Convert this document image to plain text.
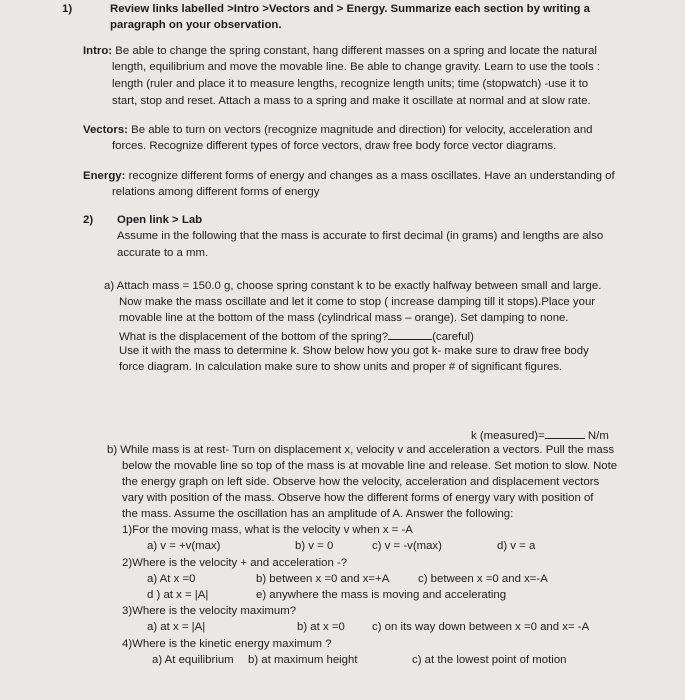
1)	Review links labelled >Intro >Vectors and > Energy. Summarize each section by writing a
paragraph on your observation.
Intro: Be able to change the spring constant, hang different masses on a spring and locate the natural
length, equilibrium and move the movable line. Be able to change gravity. Learn to use the tools :
length (ruler and place it to measure lengths, recognize length units; time (stopwatch) -use it to
start, stop and reset. Attach a mass to a spring and make it oscillate at normal and at slow rate.
Vectors: Be able to turn on vectors (recognize magnitude and direction) for velocity, acceleration and
forces. Recognize different types of force vectors, draw free body force vector diagrams.
Energy: recognize different forms of energy and changes as a mass oscillates. Have an understanding of
relations among different forms of energy
2) Open link > Lab
Assume in the following that the mass is accurate to first decimal (in grams) and lengths are also
accurate to a mm.
a) Attach mass = 150.0 g, choose spring constant k to be exactly halfway between small and large.
Now make the mass oscillate and let it come to stop ( increase damping till it stops).Place your
movable line at the bottom of the mass (cylindrical mass – orange). Set damping to none.
What is the displacement of the bottom of the spring?	(careful)
Use it with the mass to determine k. Show below how you got k- make sure to draw free body
force diagram. In calculation make sure to show units and proper # of significant figures.
k (measured)=	N/m
b) While mass is at rest- Turn on displacement x, velocity v and acceleration a vectors. Pull the mass
below the movable line so top of the mass is at movable line and release. Set motion to slow. Note
the energy graph on left side. Observe how the velocity, acceleration and displacement vectors
vary with position of the mass. Observe how the different forms of energy vary with position of
the mass. Assume the oscillation has an amplitude of A. Answer the following:
1)For the moving mass, what is the velocity v when x = -A
a) v = +v(max)	b) v = 0	c) v = -v(max)	d) v = a
2)Where is the velocity + and acceleration -?
a) At x =0	b) between x =0 and x=+A	c) between x =0 and x=-A
d ) at x = |A|	e) anywhere the mass is moving and accelerating
3)Where is the velocity maximum?
a) at x = |A|	b) at x =0 c) on its way down between x =0 and x= -A
4)Where is the kinetic energy maximum ?
a) At equilibrium b) at maximum height	c) at the lowest point of motion
